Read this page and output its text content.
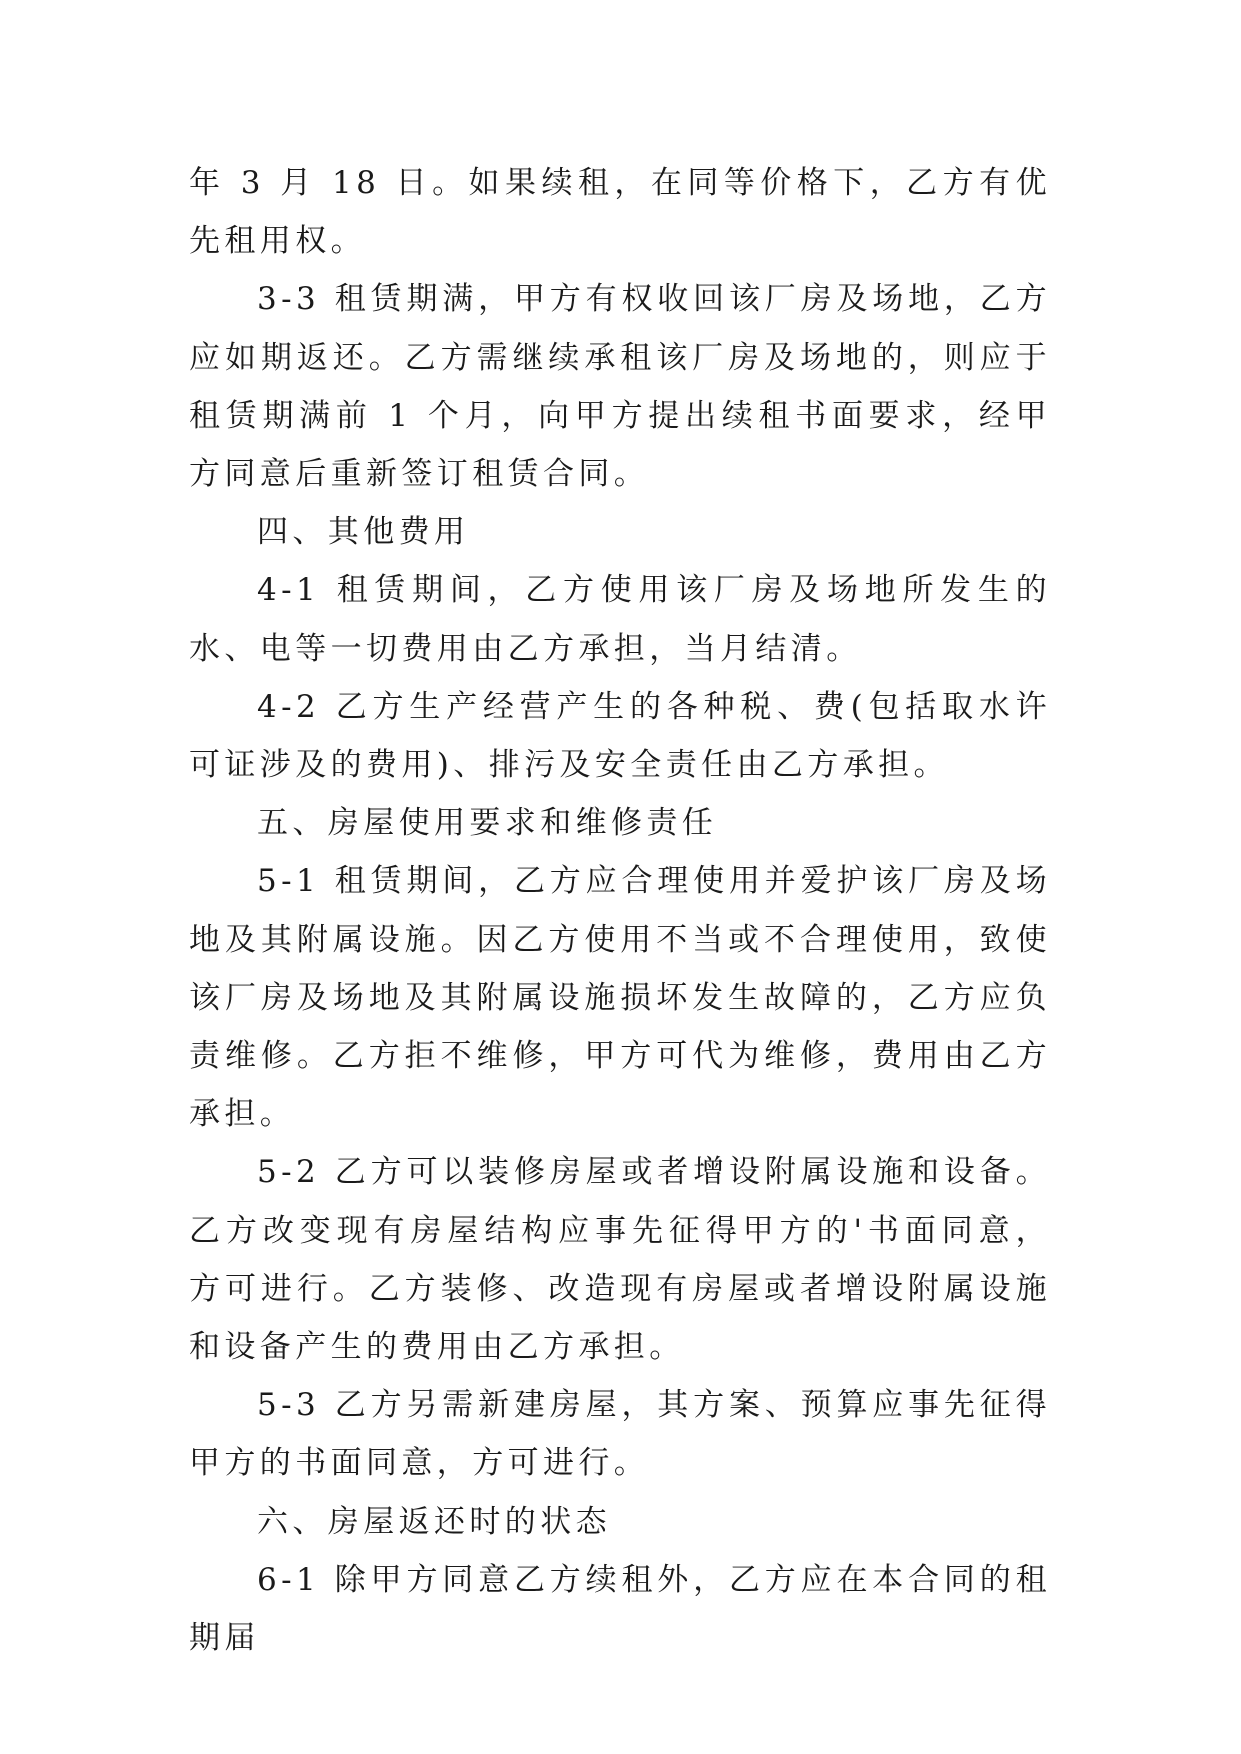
年 3 月 18 日。如果续租，在同等价格下，乙方有优先租用权。

3-3 租赁期满，甲方有权收回该厂房及场地，乙方应如期返还。乙方需继续承租该厂房及场地的，则应于租赁期满前 1 个月，向甲方提出续租书面要求，经甲方同意后重新签订租赁合同。

四、其他费用

4-1 租赁期间，乙方使用该厂房及场地所发生的水、电等一切费用由乙方承担，当月结清。

4-2 乙方生产经营产生的各种税、费(包括取水许可证涉及的费用)、排污及安全责任由乙方承担。

五、房屋使用要求和维修责任

5-1 租赁期间，乙方应合理使用并爱护该厂房及场地及其附属设施。因乙方使用不当或不合理使用，致使该厂房及场地及其附属设施损坏发生故障的，乙方应负责维修。乙方拒不维修，甲方可代为维修，费用由乙方承担。

5-2 乙方可以装修房屋或者增设附属设施和设备。乙方改变现有房屋结构应事先征得甲方的'书面同意，方可进行。乙方装修、改造现有房屋或者增设附属设施和设备产生的费用由乙方承担。

5-3 乙方另需新建房屋，其方案、预算应事先征得甲方的书面同意，方可进行。

六、房屋返还时的状态

6-1 除甲方同意乙方续租外，乙方应在本合同的租期届
